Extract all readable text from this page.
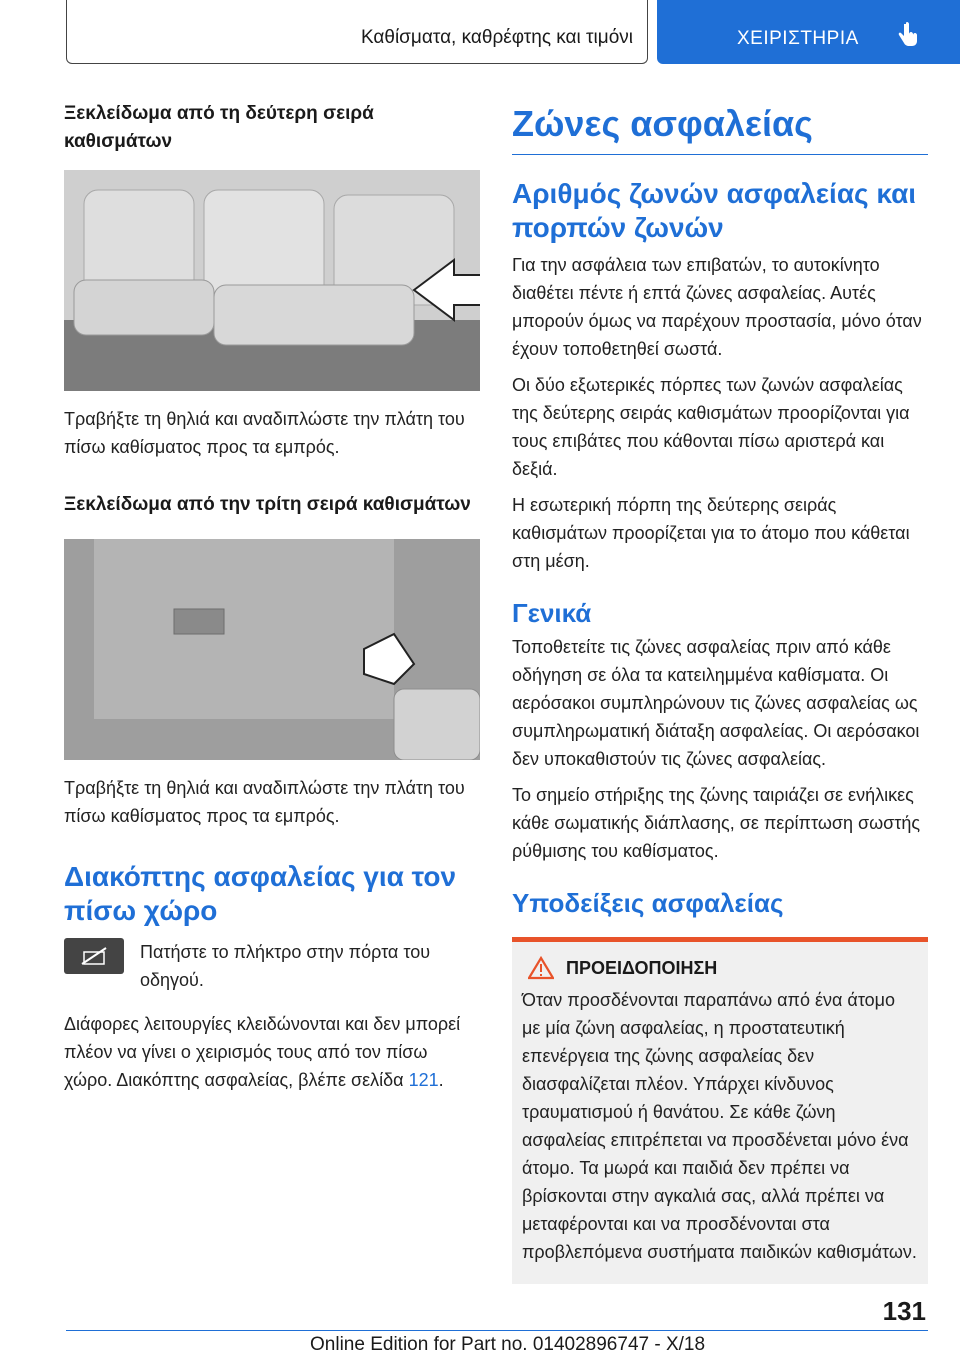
Καθίσματα, καθρέφτης και τιμόνι	ΧΕΙΡΙΣΤΗΡΙΑ

Ξεκλείδωμα από τη δεύτερη σειρά καθισμάτων

Τραβήξτε τη θηλιά και αναδιπλώστε την πλάτη του πίσω καθίσματος προς τα εμπρός.

Ξεκλείδωμα από την τρίτη σειρά καθισμάτων

Τραβήξτε τη θηλιά και αναδιπλώστε την πλάτη του πίσω καθίσματος προς τα εμπρός.

Διακόπτης ασφαλείας για τον πίσω χώρο

Πατήστε το πλήκτρο στην πόρτα του οδηγού.

Διάφορες λειτουργίες κλειδώνονται και δεν μπορεί πλέον να γίνει ο χειρισμός τους από τον πίσω χώρο. Διακόπτης ασφαλείας, βλέπε σελίδα 121.

Ζώνες ασφαλείας

Αριθμός ζωνών ασφαλείας και πορπών ζωνών

Για την ασφάλεια των επιβατών, το αυτοκίνητο διαθέτει πέντε ή επτά ζώνες ασφαλείας. Αυτές μπορούν όμως να παρέχουν προστασία, μόνο όταν έχουν τοποθετηθεί σωστά.

Οι δύο εξωτερικές πόρπες των ζωνών ασφαλείας της δεύτερης σειράς καθισμάτων προορίζονται για τους επιβάτες που κάθονται πίσω αριστερά και δεξιά.

Η εσωτερική πόρπη της δεύτερης σειράς καθισμάτων προορίζεται για το άτομο που κάθεται στη μέση.

Γενικά

Τοποθετείτε τις ζώνες ασφαλείας πριν από κάθε οδήγηση σε όλα τα κατειλημμένα καθίσματα. Οι αερόσακοι συμπληρώνουν τις ζώνες ασφαλείας ως συμπληρωματική διάταξη ασφαλείας. Οι αερόσακοι δεν υποκαθιστούν τις ζώνες ασφαλείας.

Το σημείο στήριξης της ζώνης ταιριάζει σε ενήλικες κάθε σωματικής διάπλασης, σε περίπτωση σωστής ρύθμισης του καθίσματος.

Υποδείξεις ασφαλείας

ΠΡΟΕΙΔΟΠΟΙΗΣΗ

Όταν προσδένονται παραπάνω από ένα άτομο με μία ζώνη ασφαλείας, η προστατευτική επενέργεια της ζώνης ασφαλείας δεν διασφαλίζεται πλέον. Υπάρχει κίνδυνος τραυματισμού ή θανάτου. Σε κάθε ζώνη ασφαλείας επιτρέπεται να προσδένεται μόνο ένα άτομο. Τα μωρά και παιδιά δεν πρέπει να βρίσκονται στην αγκαλιά σας, αλλά πρέπει να μεταφέρονται και να προσδένονται στα προβλεπόμενα συστήματα παιδικών καθισμάτων.

131
Online Edition for Part no. 01402896747 - X/18
